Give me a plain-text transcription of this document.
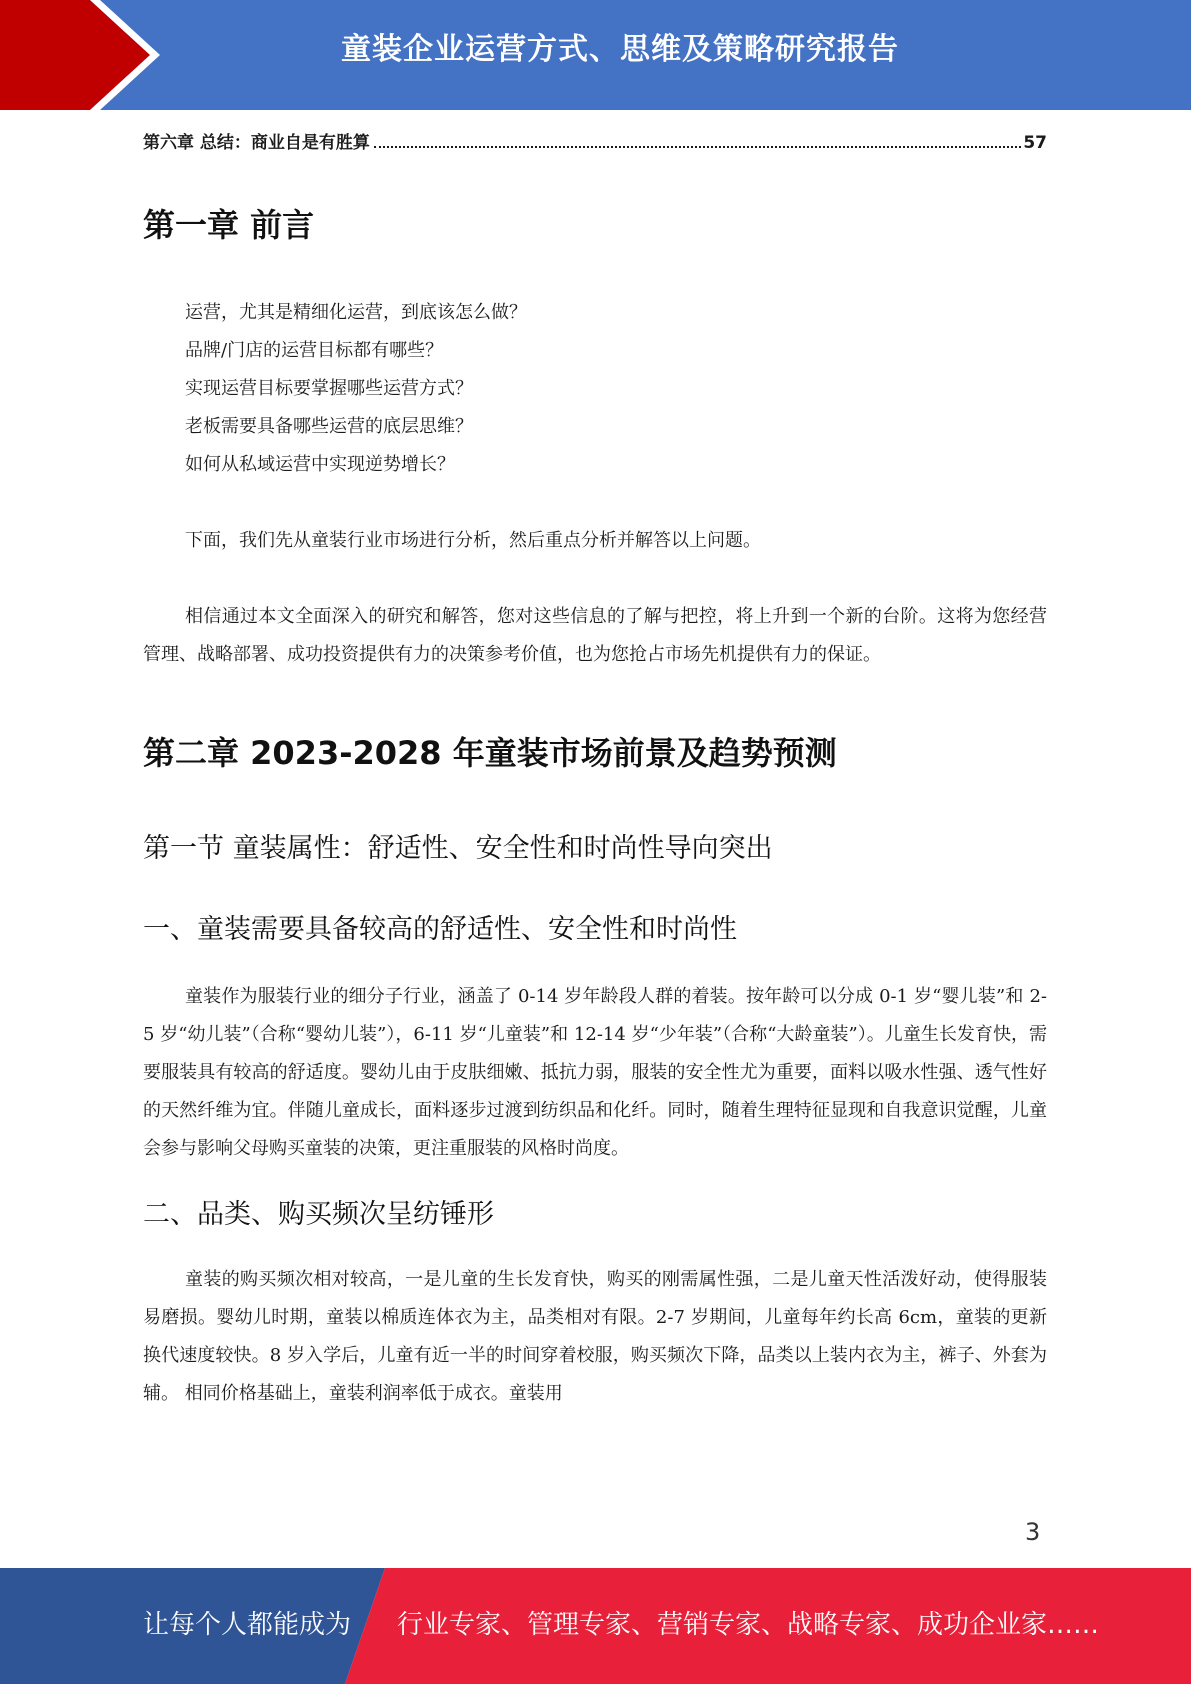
童装企业运营方式、思维及策略研究报告
第六章 总结：商业自是有胜算	57
第一章 前言

运营，尤其是精细化运营，到底该怎么做？

品牌/门店的运营目标都有哪些？

实现运营目标要掌握哪些运营方式？

老板需要具备哪些运营的底层思维？

如何从私域运营中实现逆势增长？

下面，我们先从童装行业市场进行分析，然后重点分析并解答以上问题。

相信通过本文全面深入的研究和解答，您对这些信息的了解与把控，将上升到一个新的台阶。这将为您经营管理、战略部署、成功投资提供有力的决策参考价值，也为您抢占市场先机提供有力的保证。

第二章 2023-2028 年童装市场前景及趋势预测
第一节 童装属性：舒适性、安全性和时尚性导向突出
一、童装需要具备较高的舒适性、安全性和时尚性

童装作为服装行业的细分子行业，涵盖了 0-14 岁年龄段人群的着装。按年龄可以分成 0-1 岁“婴儿装”和 2-5 岁“幼儿装”（合称“婴幼儿装”），6-11 岁“儿童装”和 12-14 岁“少年装”（合称“大龄童装”）。儿童生长发育快，需要服装具有较高的舒适度。婴幼儿由于皮肤细嫩、抵抗力弱，服装的安全性尤为重要，面料以吸水性强、透气性好的天然纤维为宜。伴随儿童成长，面料逐步过渡到纺织品和化纤。同时，随着生理特征显现和自我意识觉醒，儿童会参与影响父母购买童装的决策，更注重服装的风格时尚度。

二、品类、购买频次呈纺锤形

童装的购买频次相对较高，一是儿童的生长发育快，购买的刚需属性强，二是儿童天性活泼好动，使得服装易磨损。婴幼儿时期，童装以棉质连体衣为主，品类相对有限。2-7 岁期间，儿童每年约长高 6cm，童装的更新换代速度较快。8 岁入学后，儿童有近一半的时间穿着校服，购买频次下降，品类以上装内衣为主，裤子、外套为辅。 相同价格基础上，童装利润率低于成衣。童装用

3
让每个人都能成为 行业专家、管理专家、营销专家、战略专家、成功企业家……
